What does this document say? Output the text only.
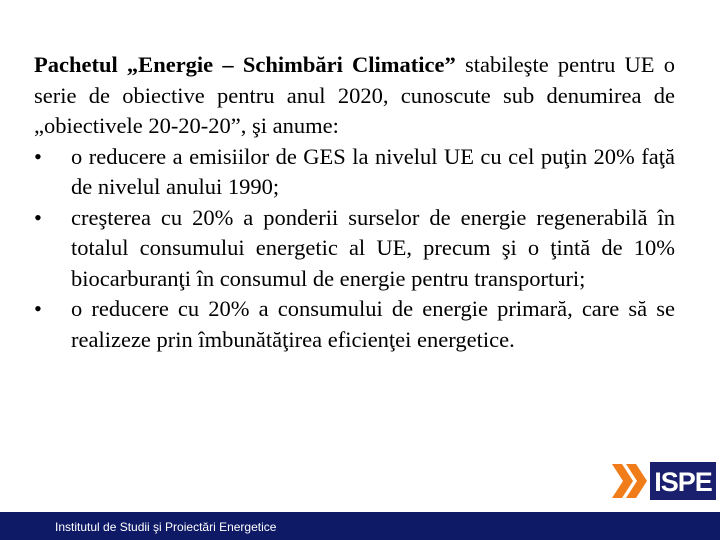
Pachetul „Energie – Schimbări Climatice” stabileşte pentru UE o serie de obiective pentru anul 2020, cunoscute sub denumirea de „obiectivele 20-20-20”, şi anume:

•	o reducere a emisiilor de GES la nivelul UE cu cel puţin 20% faţă de nivelul anului 1990;
•	creşterea cu 20% a ponderii surselor de energie regenerabilă în totalul consumului energetic al UE, precum şi o ţintă de 10% biocarburanţi în consumul de energie pentru transporturi;
•	o reducere cu 20% a consumului de energie primară, care să se realizeze prin îmbunătăţirea eficienţei energetice.
ISPE
Institutul de Studii şi Proiectări Energetice
